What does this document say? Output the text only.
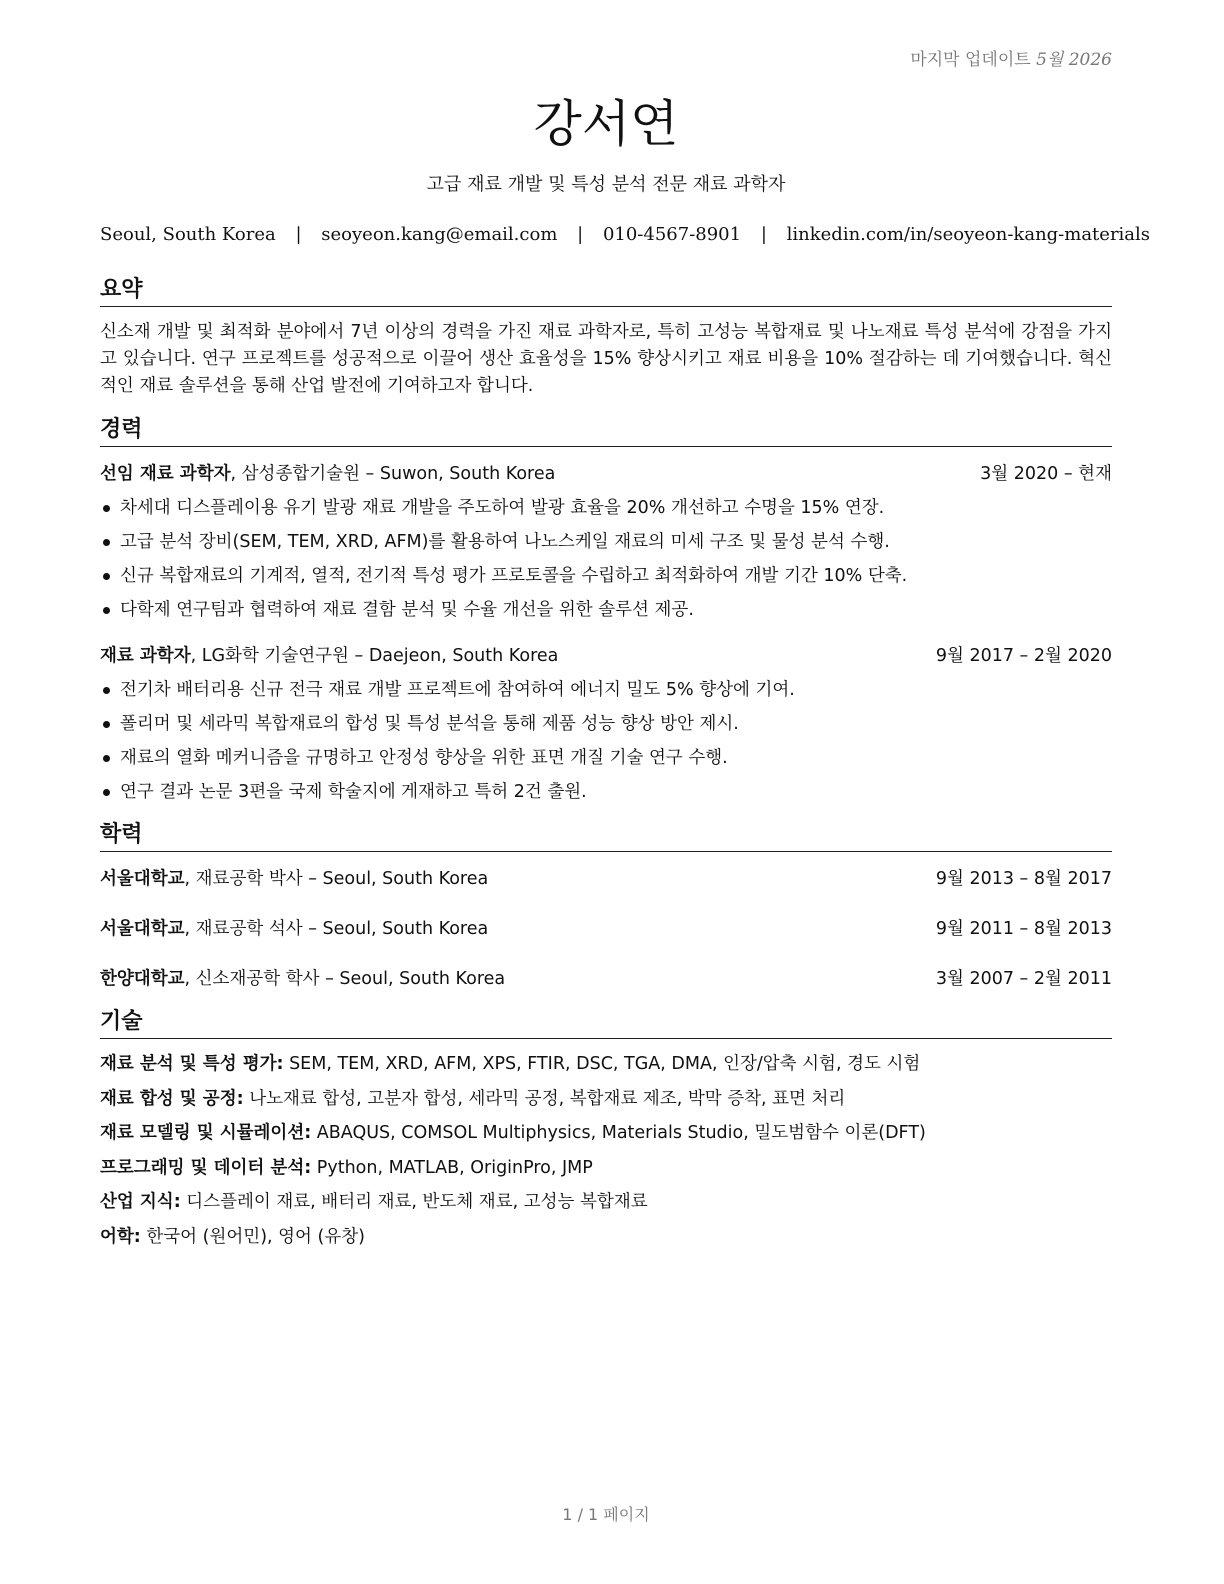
마지막 업데이트 5월 2026
강서연
고급 재료 개발 및 특성 분석 전문 재료 과학자
Seoul, South Korea | seoyeon.kang@email.com | 010-4567-8901 | linkedin.com/in/seoyeon-kang-materials
요약
신소재 개발 및 최적화 분야에서 7년 이상의 경력을 가진 재료 과학자로, 특히 고성능 복합재료 및 나노재료 특성 분석에 강점을 가지고 있습니다. 연구 프로젝트를 성공적으로 이끌어 생산 효율성을 15% 향상시키고 재료 비용을 10% 절감하는 데 기여했습니다. 혁신적인 재료 솔루션을 통해 산업 발전에 기여하고자 합니다.
경력
선임 재료 과학자, 삼성종합기술원 – Suwon, South Korea	3월 2020 – 현재
차세대 디스플레이용 유기 발광 재료 개발을 주도하여 발광 효율을 20% 개선하고 수명을 15% 연장.
고급 분석 장비(SEM, TEM, XRD, AFM)를 활용하여 나노스케일 재료의 미세 구조 및 물성 분석 수행.
신규 복합재료의 기계적, 열적, 전기적 특성 평가 프로토콜을 수립하고 최적화하여 개발 기간 10% 단축.
다학제 연구팀과 협력하여 재료 결함 분석 및 수율 개선을 위한 솔루션 제공.
재료 과학자, LG화학 기술연구원 – Daejeon, South Korea	9월 2017 – 2월 2020
전기차 배터리용 신규 전극 재료 개발 프로젝트에 참여하여 에너지 밀도 5% 향상에 기여.
폴리머 및 세라믹 복합재료의 합성 및 특성 분석을 통해 제품 성능 향상 방안 제시.
재료의 열화 메커니즘을 규명하고 안정성 향상을 위한 표면 개질 기술 연구 수행.
연구 결과 논문 3편을 국제 학술지에 게재하고 특허 2건 출원.
학력
서울대학교, 재료공학 박사 – Seoul, South Korea	9월 2013 – 8월 2017
서울대학교, 재료공학 석사 – Seoul, South Korea	9월 2011 – 8월 2013
한양대학교, 신소재공학 학사 – Seoul, South Korea	3월 2007 – 2월 2011
기술
재료 분석 및 특성 평가: SEM, TEM, XRD, AFM, XPS, FTIR, DSC, TGA, DMA, 인장/압축 시험, 경도 시험
재료 합성 및 공정: 나노재료 합성, 고분자 합성, 세라믹 공정, 복합재료 제조, 박막 증착, 표면 처리
재료 모델링 및 시뮬레이션: ABAQUS, COMSOL Multiphysics, Materials Studio, 밀도범함수 이론(DFT)
프로그래밍 및 데이터 분석: Python, MATLAB, OriginPro, JMP
산업 지식: 디스플레이 재료, 배터리 재료, 반도체 재료, 고성능 복합재료
어학: 한국어 (원어민), 영어 (유창)
1 / 1 페이지
